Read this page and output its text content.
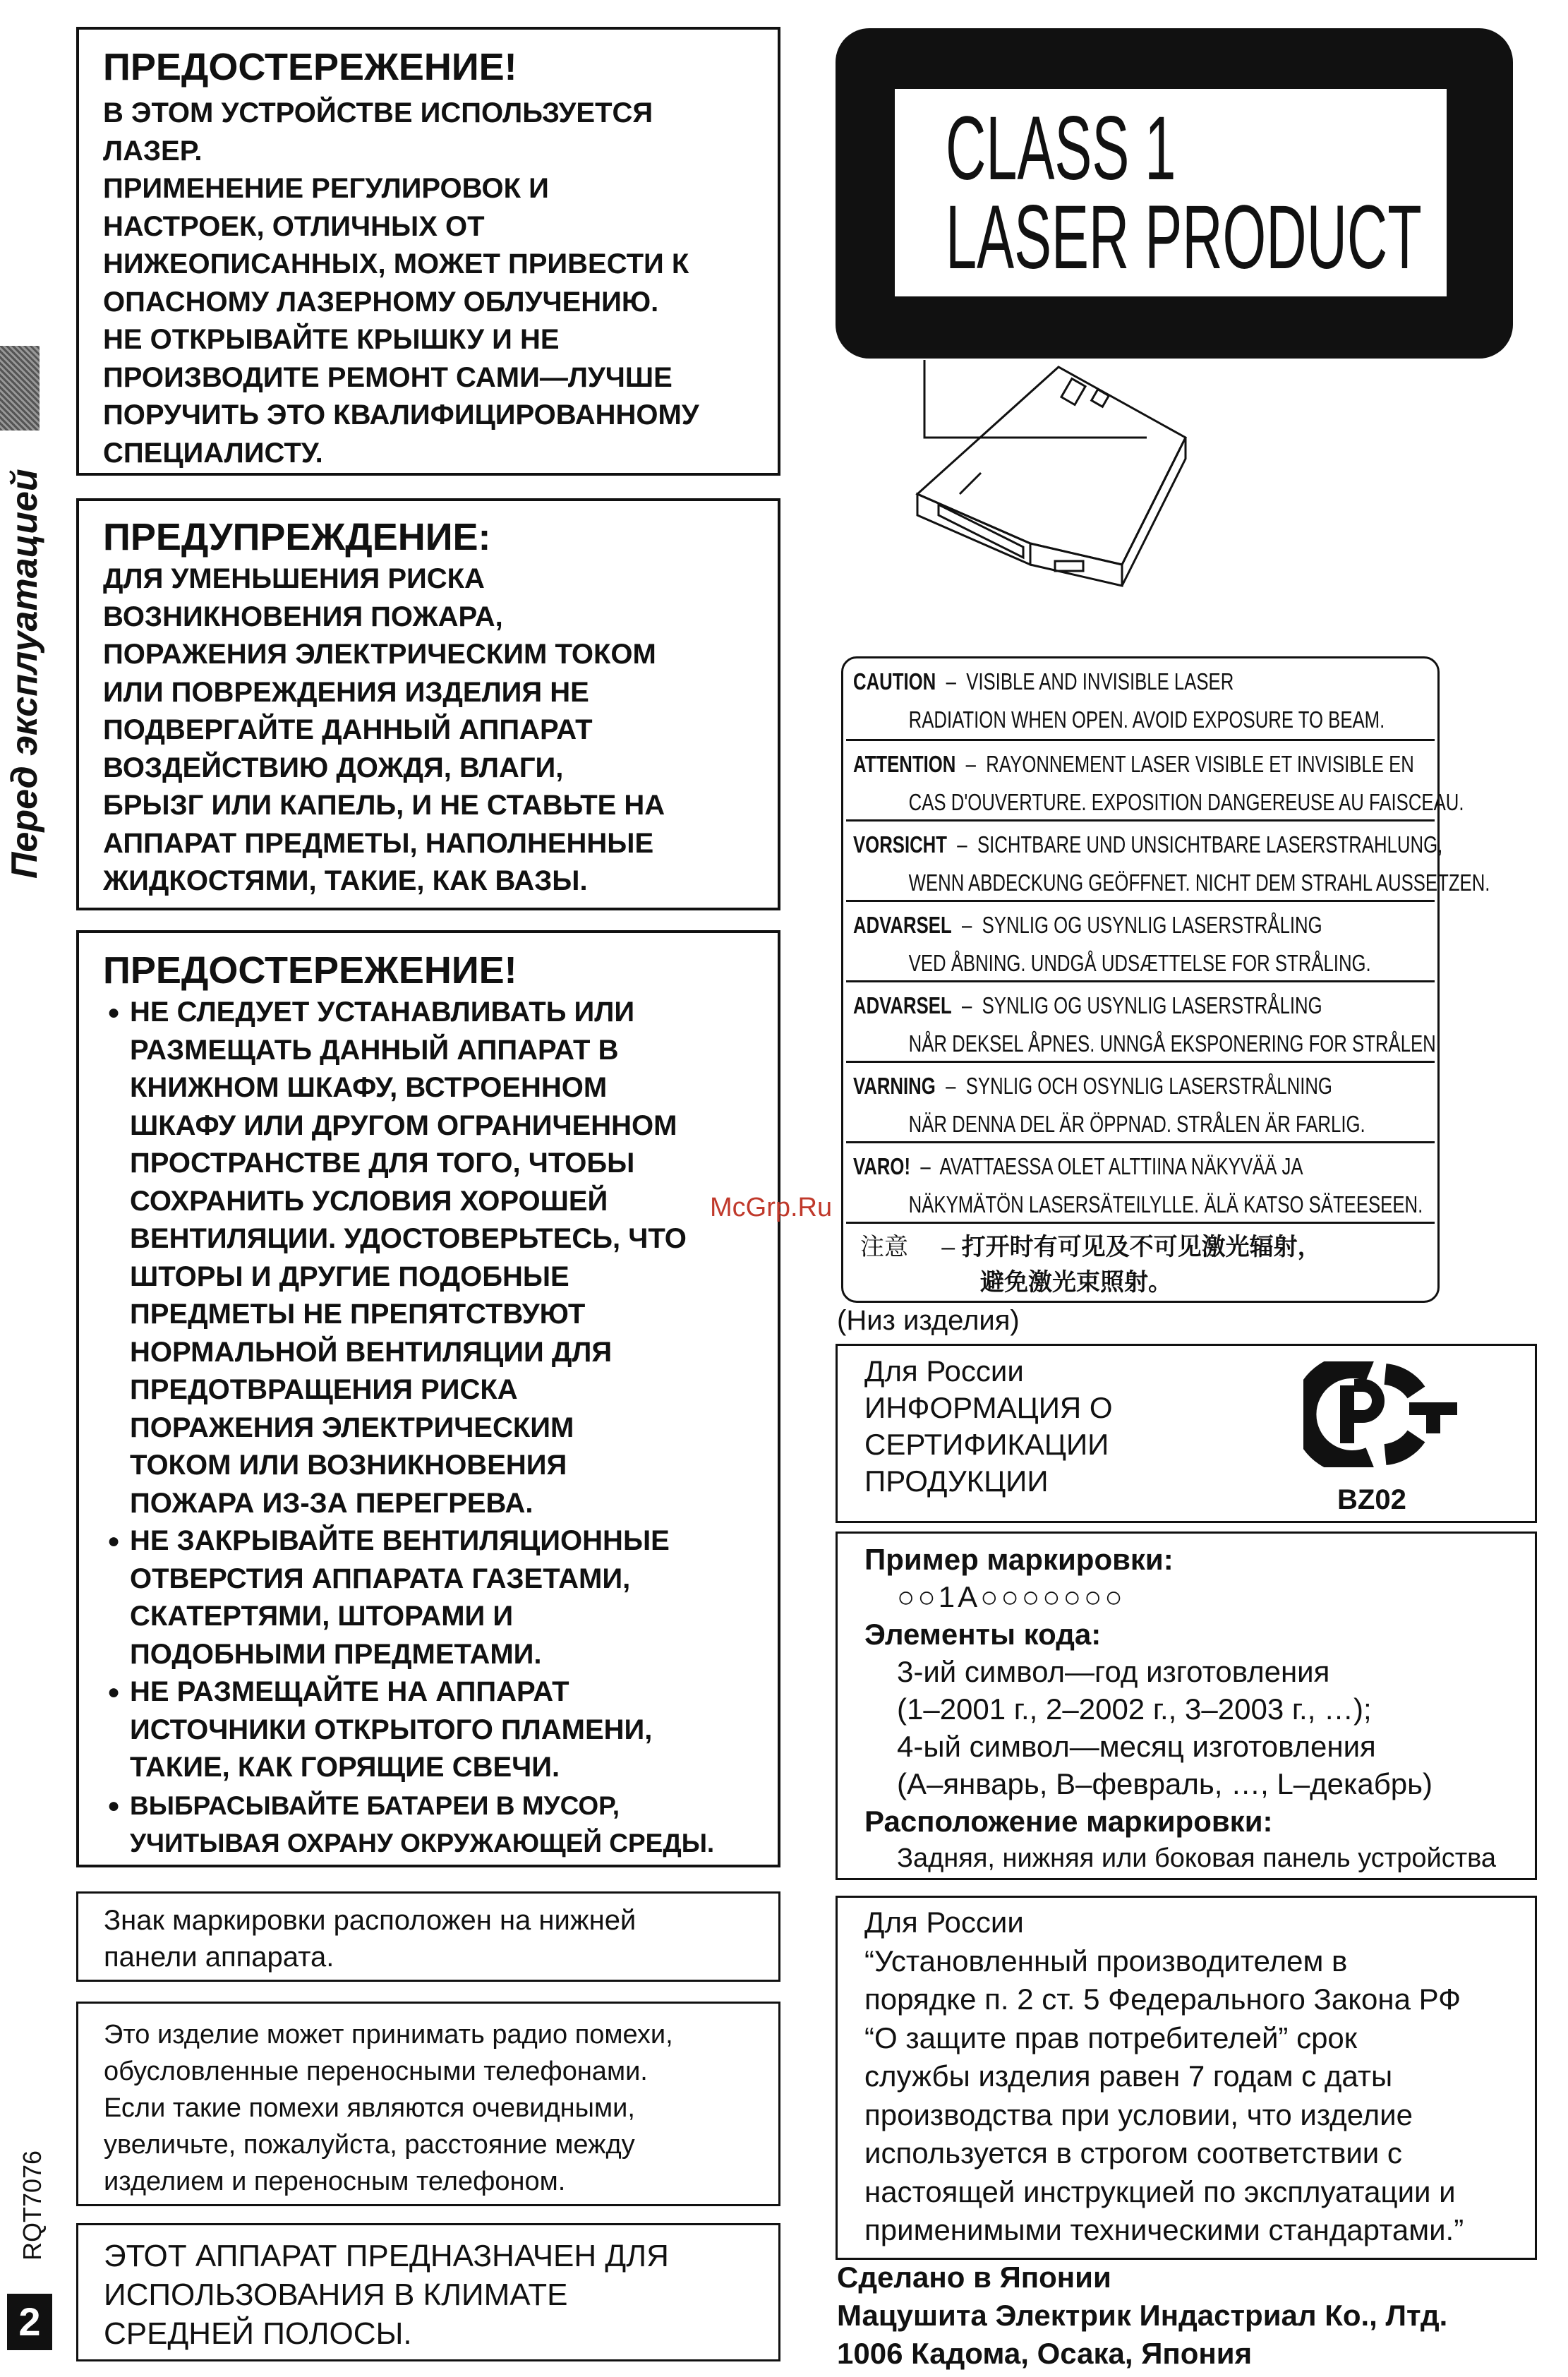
Перед эксплуатацией
RQT7076
2
ПРЕДОСТЕРЕЖЕНИЕ!
В ЭТОМ УСТРОЙСТВЕ ИСПОЛЬЗУЕТСЯ
ЛАЗЕР.
ПРИМЕНЕНИЕ РЕГУЛИРОВОК И
НАСТРОЕК, ОТЛИЧНЫХ ОТ
НИЖЕОПИСАННЫХ, МОЖЕТ ПРИВЕСТИ К
ОПАСНОМУ ЛАЗЕРНОМУ ОБЛУЧЕНИЮ.
НЕ ОТКРЫВАЙТЕ КРЫШКУ И НЕ
ПРОИЗВОДИТЕ РЕМОНТ САМИ—ЛУЧШЕ
ПОРУЧИТЬ ЭТО КВАЛИФИЦИРОВАННОМУ
СПЕЦИАЛИСТУ.
ПРЕДУПРЕЖДЕНИЕ:
ДЛЯ УМЕНЬШЕНИЯ РИСКА
ВОЗНИКНОВЕНИЯ ПОЖАРА,
ПОРАЖЕНИЯ ЭЛЕКТРИЧЕСКИМ ТОКОМ
ИЛИ ПОВРЕЖДЕНИЯ ИЗДЕЛИЯ НЕ
ПОДВЕРГАЙТЕ ДАННЫЙ АППАРАТ
ВОЗДЕЙСТВИЮ ДОЖДЯ, ВЛАГИ,
БРЫЗГ ИЛИ КАПЕЛЬ, И НЕ СТАВЬТЕ НА
АППАРАТ ПРЕДМЕТЫ, НАПОЛНЕННЫЕ
ЖИДКОСТЯМИ, ТАКИЕ, КАК ВАЗЫ.
ПРЕДОСТЕРЕЖЕНИЕ!
● НЕ СЛЕДУЕТ УСТАНАВЛИВАТЬ ИЛИ
РАЗМЕЩАТЬ ДАННЫЙ АППАРАТ В
КНИЖНОМ ШКАФУ, ВСТРОЕННОМ
ШКАФУ ИЛИ ДРУГОМ ОГРАНИЧЕННОМ
ПРОСТРАНСТВЕ ДЛЯ ТОГО, ЧТОБЫ
СОХРАНИТЬ УСЛОВИЯ ХОРОШЕЙ
ВЕНТИЛЯЦИИ. УДОСТОВЕРЬТЕСЬ, ЧТО
ШТОРЫ И ДРУГИЕ ПОДОБНЫЕ
ПРЕДМЕТЫ НЕ ПРЕПЯТСТВУЮТ
НОРМАЛЬНОЙ ВЕНТИЛЯЦИИ ДЛЯ
ПРЕДОТВРАЩЕНИЯ РИСКА
ПОРАЖЕНИЯ ЭЛЕКТРИЧЕСКИМ
ТОКОМ ИЛИ ВОЗНИКНОВЕНИЯ
ПОЖАРА ИЗ-ЗА ПЕРЕГРЕВА.
● НЕ ЗАКРЫВАЙТЕ ВЕНТИЛЯЦИОННЫЕ
ОТВЕРСТИЯ АППАРАТА ГАЗЕТАМИ,
СКАТЕРТЯМИ, ШТОРАМИ И
ПОДОБНЫМИ ПРЕДМЕТАМИ.
● НЕ РАЗМЕЩАЙТЕ НА АППАРАТ
ИСТОЧНИКИ ОТКРЫТОГО ПЛАМЕНИ,
ТАКИЕ, КАК ГОРЯЩИЕ СВЕЧИ.
● ВЫБРАСЫВАЙТЕ БАТАРЕИ В МУСОР,
УЧИТЫВАЯ ОХРАНУ ОКРУЖАЮЩЕЙ СРЕДЫ.
Знак маркировки расположен на нижней
панели аппарата.
Это изделие может принимать радио помехи,
обусловленные переносными телефонами.
Если такие помехи являются очевидными,
увеличьте, пожалуйста, расстояние между
изделием и переносным телефоном.
ЭТОТ АППАРАТ ПРЕДНАЗНАЧЕН ДЛЯ
ИСПОЛЬЗОВАНИЯ В КЛИМАТЕ
СРЕДНЕЙ ПОЛОСЫ.
CLASS 1
LASER PRODUCT
CAUTION – VISIBLE AND INVISIBLE LASER
RADIATION WHEN OPEN. AVOID EXPOSURE TO BEAM.
ATTENTION – RAYONNEMENT LASER VISIBLE ET INVISIBLE EN
CAS D'OUVERTURE. EXPOSITION DANGEREUSE AU FAISCEAU.
VORSICHT – SICHTBARE UND UNSICHTBARE LASERSTRAHLUNG,
WENN ABDECKUNG GEÖFFNET. NICHT DEM STRAHL AUSSETZEN.
ADVARSEL – SYNLIG OG USYNLIG LASERSTRÅLING
VED ÅBNING. UNDGÅ UDSÆTTELSE FOR STRÅLING.
ADVARSEL – SYNLIG OG USYNLIG LASERSTRÅLING
NÅR DEKSEL ÅPNES. UNNGÅ EKSPONERING FOR STRÅLEN.
VARNING – SYNLIG OCH OSYNLIG LASERSTRÅLNING
NÄR DENNA DEL ÄR ÖPPNAD. STRÅLEN ÄR FARLIG.
VARO! – AVATTAESSA OLET ALTTIINA NÄKYVÄÄ JA
NÄKYMÄTÖN LASERSÄTEILYLLE. ÄLÄ KATSO SÄTEESEEN.
注意 – 打开时有可见及不可见激光辐射，
避免激光束照射。
McGrp.Ru
(Низ изделия)
Для России
ИНФОРМАЦИЯ О
СЕРТИФИКАЦИИ
ПРОДУКЦИИ
BZ02
Пример маркировки:
○○1А○○○○○○○
Элементы кода:
3-ий символ—год изготовления
(1–2001 г., 2–2002 г., 3–2003 г., …);
4-ый символ—месяц изготовления
(А–январь, В–февраль, …, L–декабрь)
Расположение маркировки:
Задняя, нижняя или боковая панель устройства
Для России
“Установленный производителем в
порядке п. 2 ст. 5 Федерального Закона РФ
“О защите прав потребителей” срок
службы изделия равен 7 годам с даты
производства при условии, что изделие
используется в строгом соответствии с
настоящей инструкцией по эксплуатации и
применимыми техническими стандартами.”
Сделано в Японии
Мацушита Электрик Индастриал Ко., Лтд.
1006 Кадома, Осака, Япония
